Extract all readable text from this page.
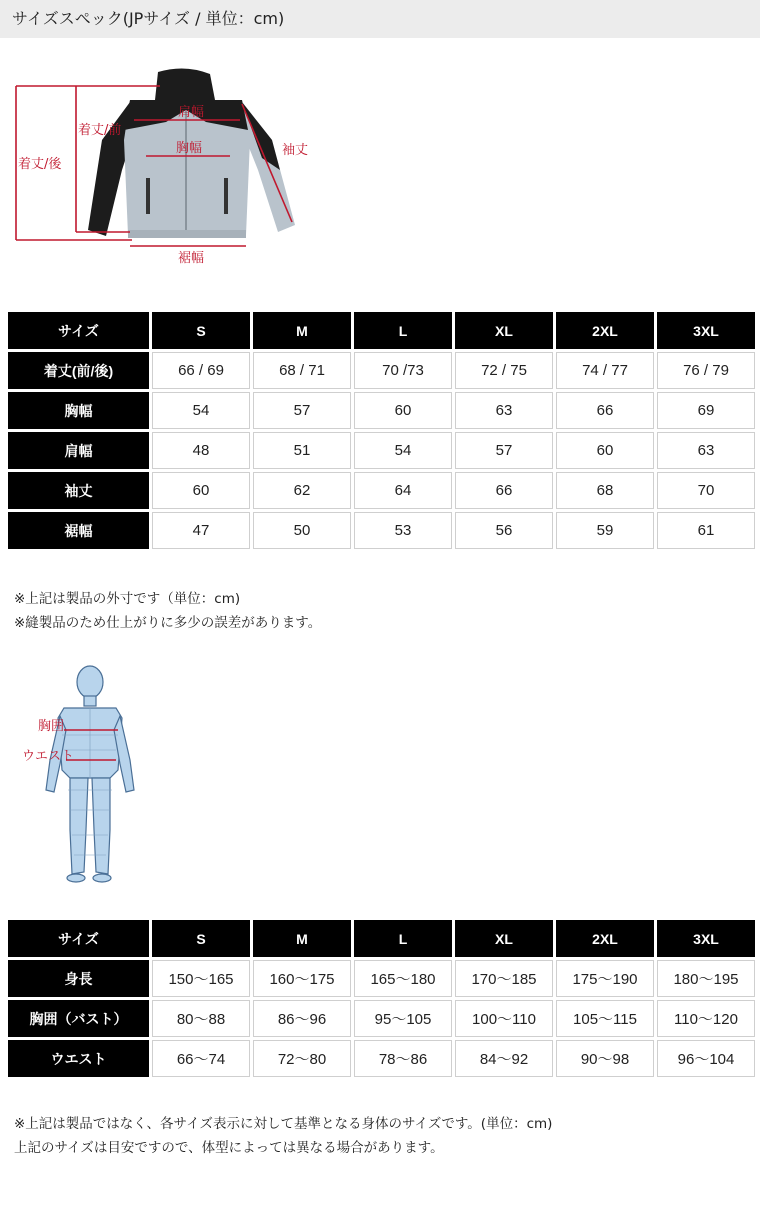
サイズスペック(JPサイズ / 単位：cm)
肩幅
着丈/前
着丈/後
胸幅	袖丈
裾幅
サイズ	S	M	L	XL	2XL	3XL
着丈(前/後)	66 / 69	68 / 71	70 /73	72 / 75	74 / 77	76 / 79
胸幅	54	57	60	63	66	69
肩幅	48	51	54	57	60	63
袖丈	60	62	64	66	68	70
裾幅	47	50	53	56	59	61
※上記は製品の外寸です（単位：cm)
※縫製品のため仕上がりに多少の誤差があります。
胸囲
ウエスト
サイズ	S	M	L	XL	2XL	3XL
身長	150〜165	160〜175	165〜180	170〜185	175〜190	180〜195
胸囲（バスト）	80〜88	86〜96	95〜105	100〜110	105〜115	110〜120
ウエスト	66〜74	72〜80	78〜86	84〜92	90〜98	96〜104
※上記は製品ではなく、各サイズ表示に対して基準となる身体のサイズです。(単位：cm)
上記のサイズは目安ですので、体型によっては異なる場合があります。
